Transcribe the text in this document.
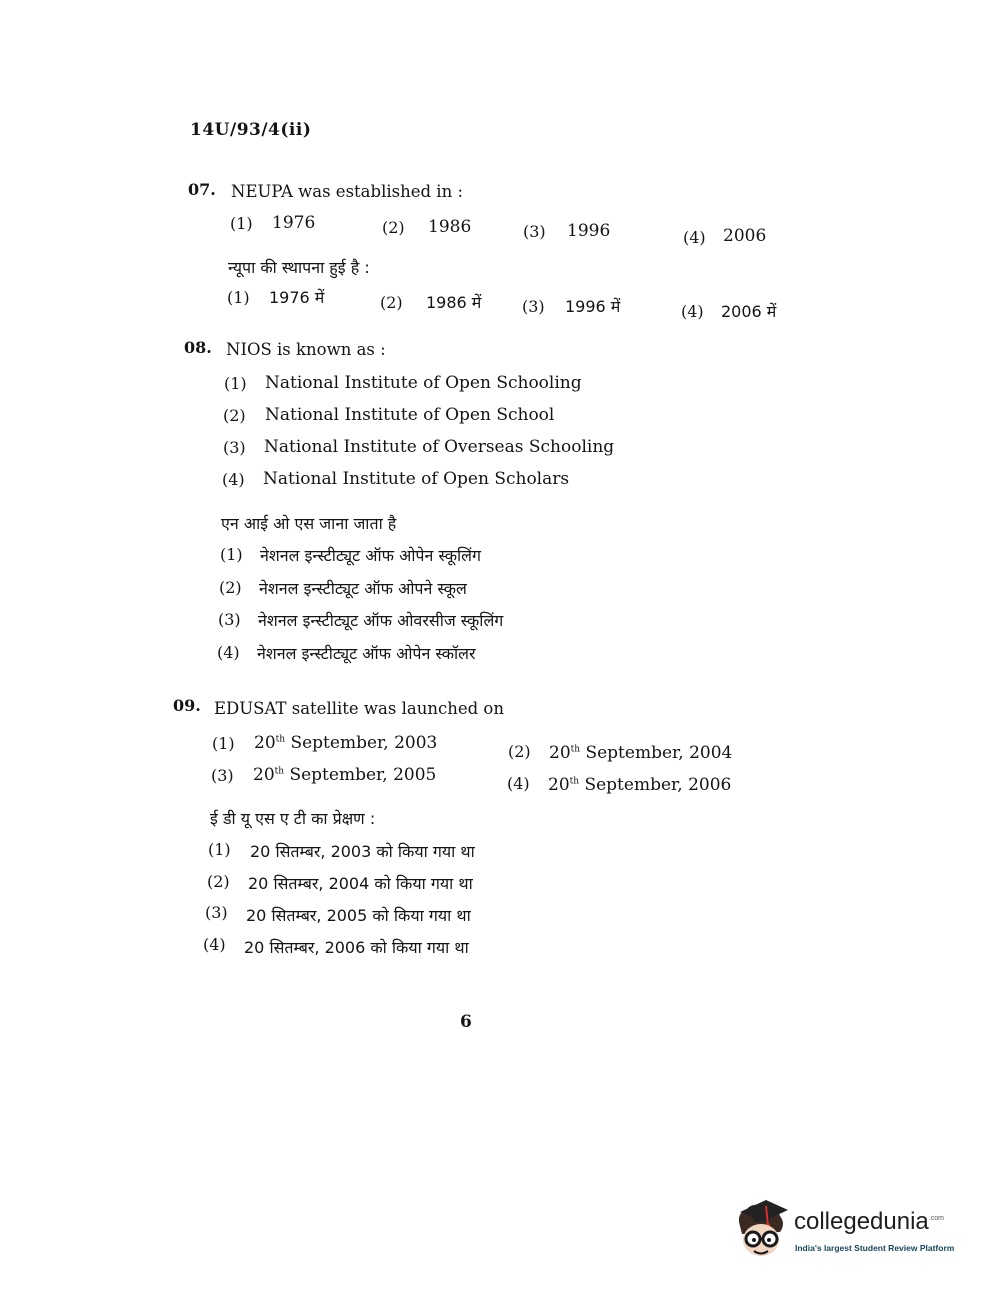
14U/93/4(ii)
07. NEUPA was established in :
(1) 1976	(2) 1986	(3) 1996	(4) 2006
न्यूपा की स्थापना हुई है :
(1) 1976 में	(2) 1986 में	(3) 1996 में	(4) 2006 में
08. NIOS is known as :
(1) National Institute of Open Schooling
(2) National Institute of Open School
(3) National Institute of Overseas Schooling
(4) National Institute of Open Scholars
एन आई ओ एस जाना जाता है
(1) नेशनल इन्स्टीट्यूट ऑफ ओपेन स्कूलिंग
(2) नेशनल इन्स्टीट्यूट ऑफ ओपने स्कूल
(3) नेशनल इन्स्टीट्यूट ऑफ ओवरसीज स्कूलिंग
(4) नेशनल इन्स्टीट्यूट ऑफ ओपेन स्कॉलर
09. EDUSAT satellite was launched on
(1) 20th September, 2003	(2) 20th September, 2004
(3) 20th September, 2005	(4) 20th September, 2006
ई डी यू एस ए टी का प्रेक्षण :
(1) 20 सितम्बर, 2003 को किया गया था
(2) 20 सितम्बर, 2004 को किया गया था
(3) 20 सितम्बर, 2005 को किया गया था
(4) 20 सितम्बर, 2006 को किया गया था
6
collegedunia$^{.com}$
India's largest Student Review Platform
